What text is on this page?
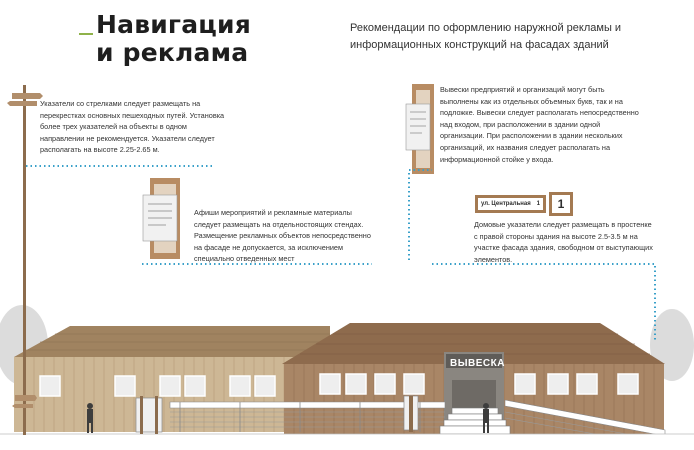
Навигация
и реклама
Рекомендации по оформлению наружной рекламы и информационных конструкций на фасадах зданий
Указатели со стрелками следует размещать на перекрестках основных пешеходных путей. Установка более трех указателей на объекты в одном направлении не рекомендуется. Указатели следует располагать на высоте 2.25-2.65 м.
Афиши мероприятий и рекламные материалы следует размещать на отдельностоящих стендах. Размещение рекламных объектов непосредственно на фасаде не допускается, за исключением специально отведенных мест
Вывески предприятий и организаций могут быть выполнены как из отдельных объемных букв, так и на подложке. Вывески следует располагать непосредственно над входом, при расположении в здании одной организации. При расположении в здании нескольких организаций, их названия следует располагать на информационной стойке у входа.
Домовые указатели следует размещать в простенке с правой стороны здания на высоте 2.5-3.5 м на участке фасада здания, свободном от выступающих элементов.
ул. Центральная 1	1
ВЫВЕСКА
